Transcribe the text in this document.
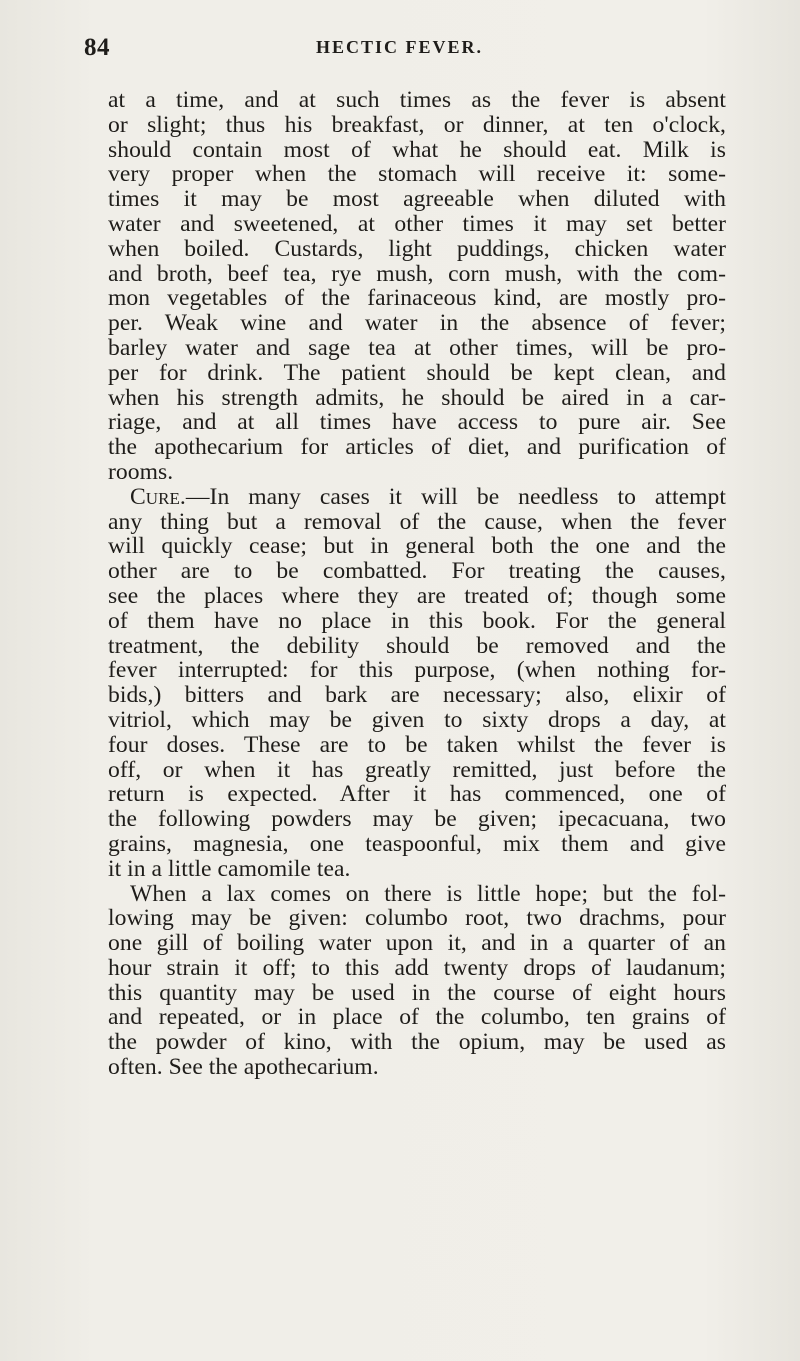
84	HECTIC FEVER.
at a time, and at such times as the fever is absent
or slight; thus his breakfast, or dinner, at ten o'clock,
should contain most of what he should eat. Milk is
very proper when the stomach will receive it: some-
times it may be most agreeable when diluted with
water and sweetened, at other times it may set better
when boiled. Custards, light puddings, chicken water
and broth, beef tea, rye mush, corn mush, with the com-
mon vegetables of the farinaceous kind, are mostly pro-
per. Weak wine and water in the absence of fever;
barley water and sage tea at other times, will be pro-
per for drink. The patient should be kept clean, and
when his strength admits, he should be aired in a car-
riage, and at all times have access to pure air. See
the apothecarium for articles of diet, and purification of
rooms.
Cure.—In many cases it will be needless to attempt
any thing but a removal of the cause, when the fever
will quickly cease; but in general both the one and the
other are to be combatted. For treating the causes,
see the places where they are treated of; though some
of them have no place in this book. For the general
treatment, the debility should be removed and the
fever interrupted: for this purpose, (when nothing for-
bids,) bitters and bark are necessary; also, elixir of
vitriol, which may be given to sixty drops a day, at
four doses. These are to be taken whilst the fever is
off, or when it has greatly remitted, just before the
return is expected. After it has commenced, one of
the following powders may be given; ipecacuana, two
grains, magnesia, one teaspoonful, mix them and give
it in a little camomile tea.
When a lax comes on there is little hope; but the fol-
lowing may be given: columbo root, two drachms, pour
one gill of boiling water upon it, and in a quarter of an
hour strain it off; to this add twenty drops of laudanum;
this quantity may be used in the course of eight hours
and repeated, or in place of the columbo, ten grains of
the powder of kino, with the opium, may be used as
often. See the apothecarium.
